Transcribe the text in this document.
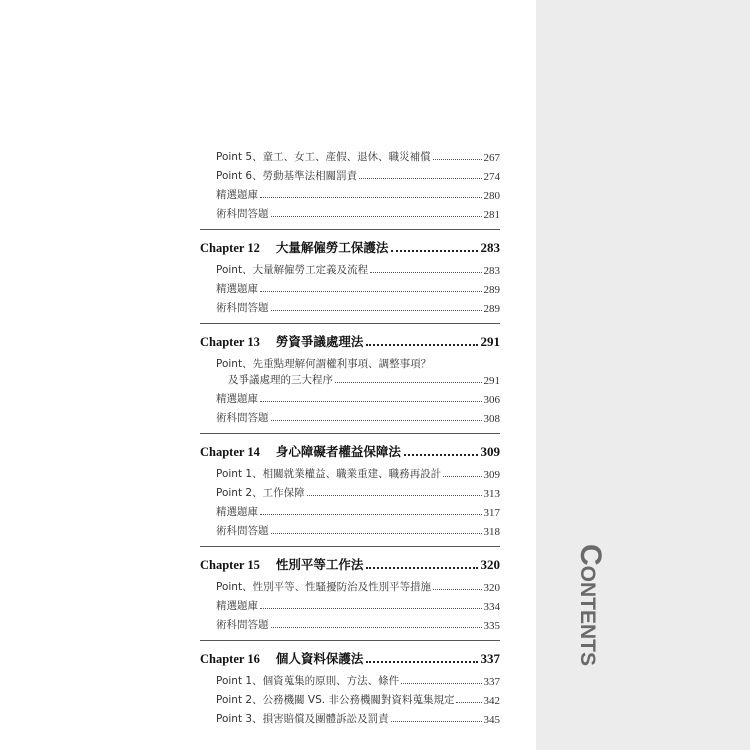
Contents
Point 5、童工、女工、產假、退休、職災補償	267
Point 6、勞動基準法相關罰責	274
精選題庫	280
術科問答題	281
Chapter 12 大量解僱勞工保護法	283
Point、大量解僱勞工定義及流程	283
精選題庫	289
術科問答題	289
Chapter 13 勞資爭議處理法	291
Point、先重點理解何謂權利事項、調整事項？
及爭議處理的三大程序	291
精選題庫	306
術科問答題	308
Chapter 14 身心障礙者權益保障法	309
Point 1、相關就業權益、職業重建、職務再設計	309
Point 2、工作保障	313
精選題庫	317
術科問答題	318
Chapter 15 性別平等工作法	320
Point、性別平等、性騷擾防治及性別平等措施	320
精選題庫	334
術科問答題	335
Chapter 16 個人資料保護法	337
Point 1、個資蒐集的原則、方法、條件	337
Point 2、公務機關 VS. 非公務機關對資料蒐集規定	342
Point 3、損害賠償及團體訴訟及罰責	345
